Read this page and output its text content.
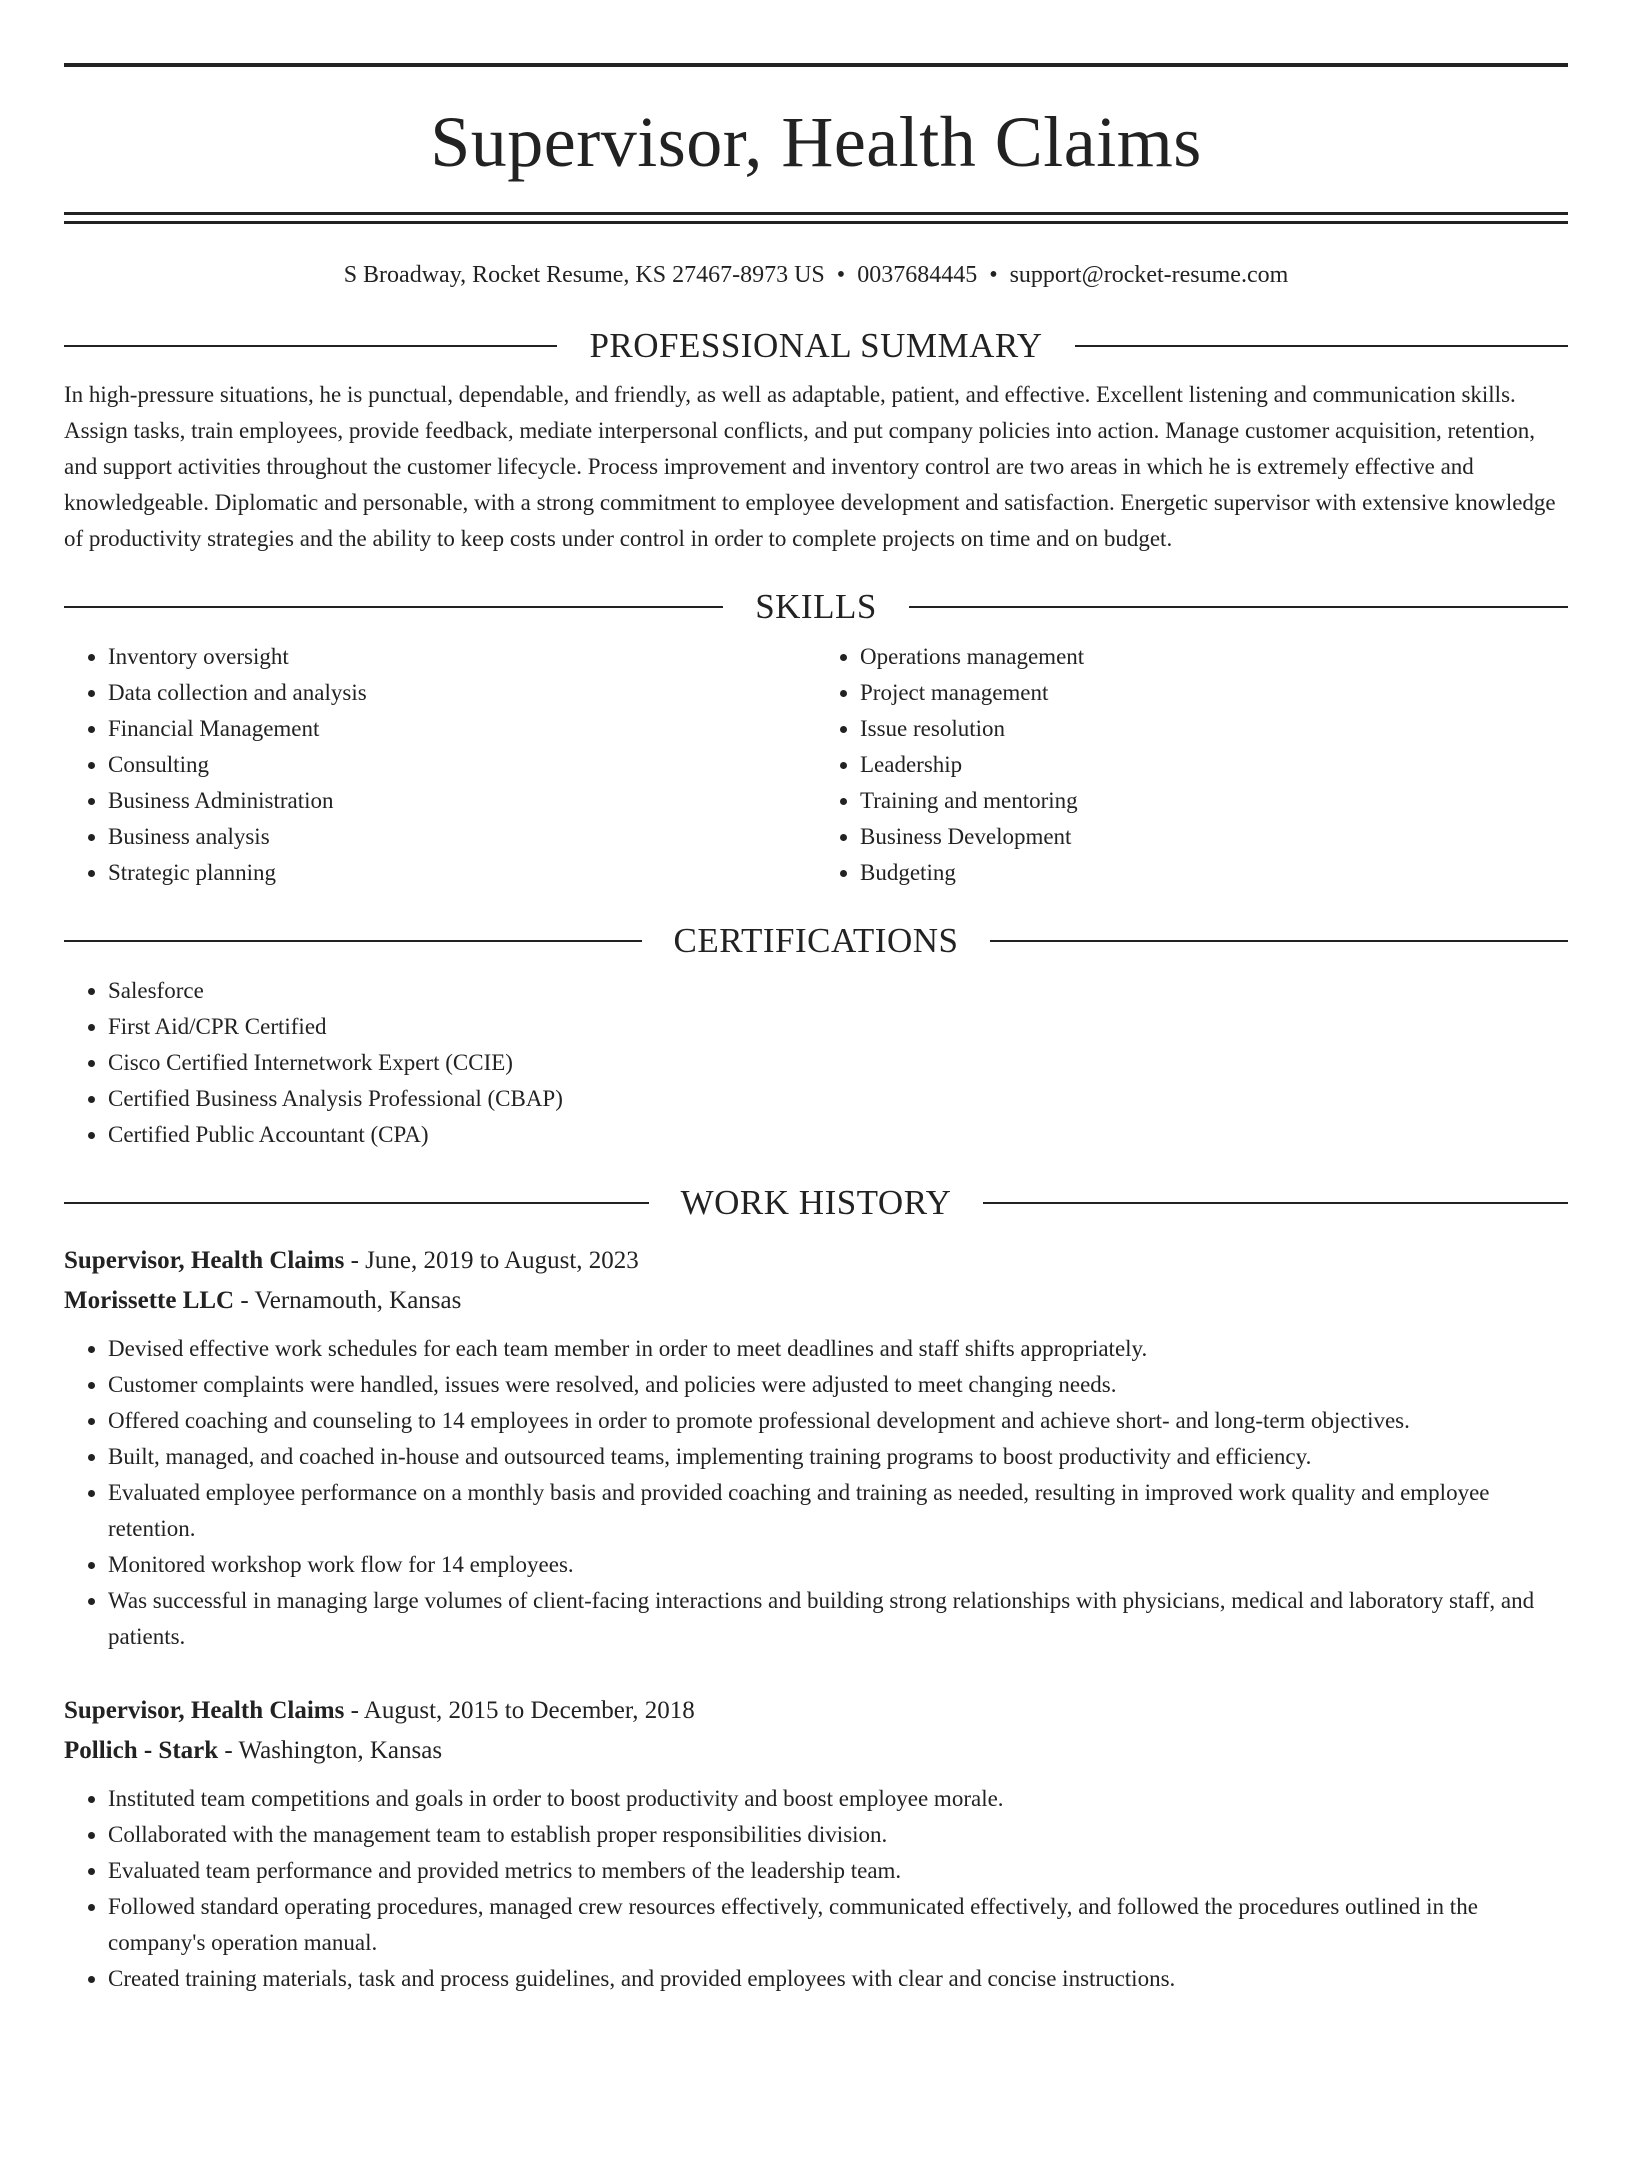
Supervisor, Health Claims
S Broadway, Rocket Resume, KS 27467-8973 US • 0037684445 • support@rocket-resume.com
PROFESSIONAL SUMMARY
In high-pressure situations, he is punctual, dependable, and friendly, as well as adaptable, patient, and effective. Excellent listening and communication skills. Assign tasks, train employees, provide feedback, mediate interpersonal conflicts, and put company policies into action. Manage customer acquisition, retention, and support activities throughout the customer lifecycle. Process improvement and inventory control are two areas in which he is extremely effective and knowledgeable. Diplomatic and personable, with a strong commitment to employee development and satisfaction. Energetic supervisor with extensive knowledge of productivity strategies and the ability to keep costs under control in order to complete projects on time and on budget.
SKILLS
• Inventory oversight
• Data collection and analysis
• Financial Management
• Consulting
• Business Administration
• Business analysis
• Strategic planning
• Operations management
• Project management
• Issue resolution
• Leadership
• Training and mentoring
• Business Development
• Budgeting
CERTIFICATIONS
• Salesforce
• First Aid/CPR Certified
• Cisco Certified Internetwork Expert (CCIE)
• Certified Business Analysis Professional (CBAP)
• Certified Public Accountant (CPA)
WORK HISTORY
Supervisor, Health Claims - June, 2019 to August, 2023
Morissette LLC - Vernamouth, Kansas
• Devised effective work schedules for each team member in order to meet deadlines and staff shifts appropriately.
• Customer complaints were handled, issues were resolved, and policies were adjusted to meet changing needs.
• Offered coaching and counseling to 14 employees in order to promote professional development and achieve short- and long-term objectives.
• Built, managed, and coached in-house and outsourced teams, implementing training programs to boost productivity and efficiency.
• Evaluated employee performance on a monthly basis and provided coaching and training as needed, resulting in improved work quality and employee retention.
• Monitored workshop work flow for 14 employees.
• Was successful in managing large volumes of client-facing interactions and building strong relationships with physicians, medical and laboratory staff, and patients.
Supervisor, Health Claims - August, 2015 to December, 2018
Pollich - Stark - Washington, Kansas
• Instituted team competitions and goals in order to boost productivity and boost employee morale.
• Collaborated with the management team to establish proper responsibilities division.
• Evaluated team performance and provided metrics to members of the leadership team.
• Followed standard operating procedures, managed crew resources effectively, communicated effectively, and followed the procedures outlined in the company's operation manual.
• Created training materials, task and process guidelines, and provided employees with clear and concise instructions.
